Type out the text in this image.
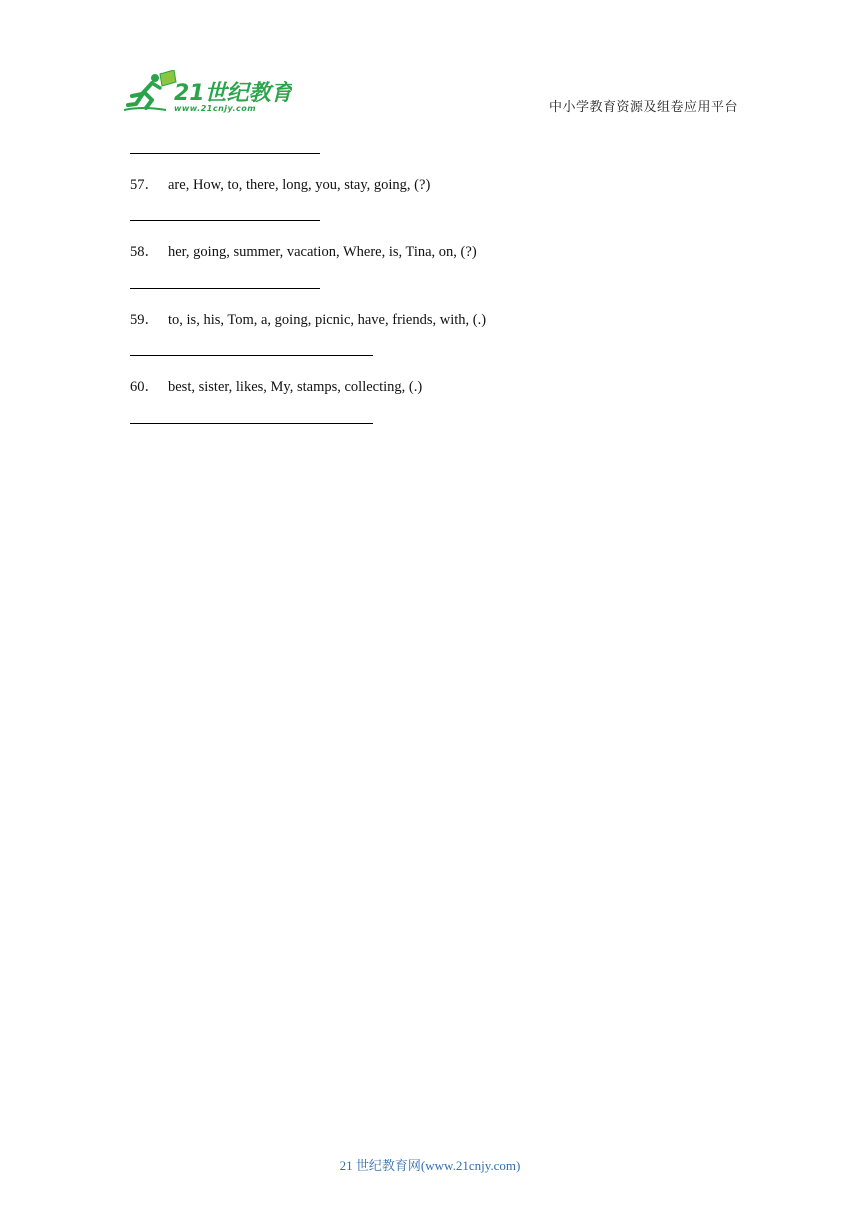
21世纪教育
www.21cnjy.com	中小学教育资源及组卷应用平台
57． are, How, to, there, long, you, stay, going, (?)
58． her, going, summer, vacation, Where, is, Tina, on, (?)
59． to, is, his, Tom, a, going, picnic, have, friends, with, (.)
60． best, sister, likes, My, stamps, collecting, (.)
21 世纪教育网(www.21cnjy.com)
